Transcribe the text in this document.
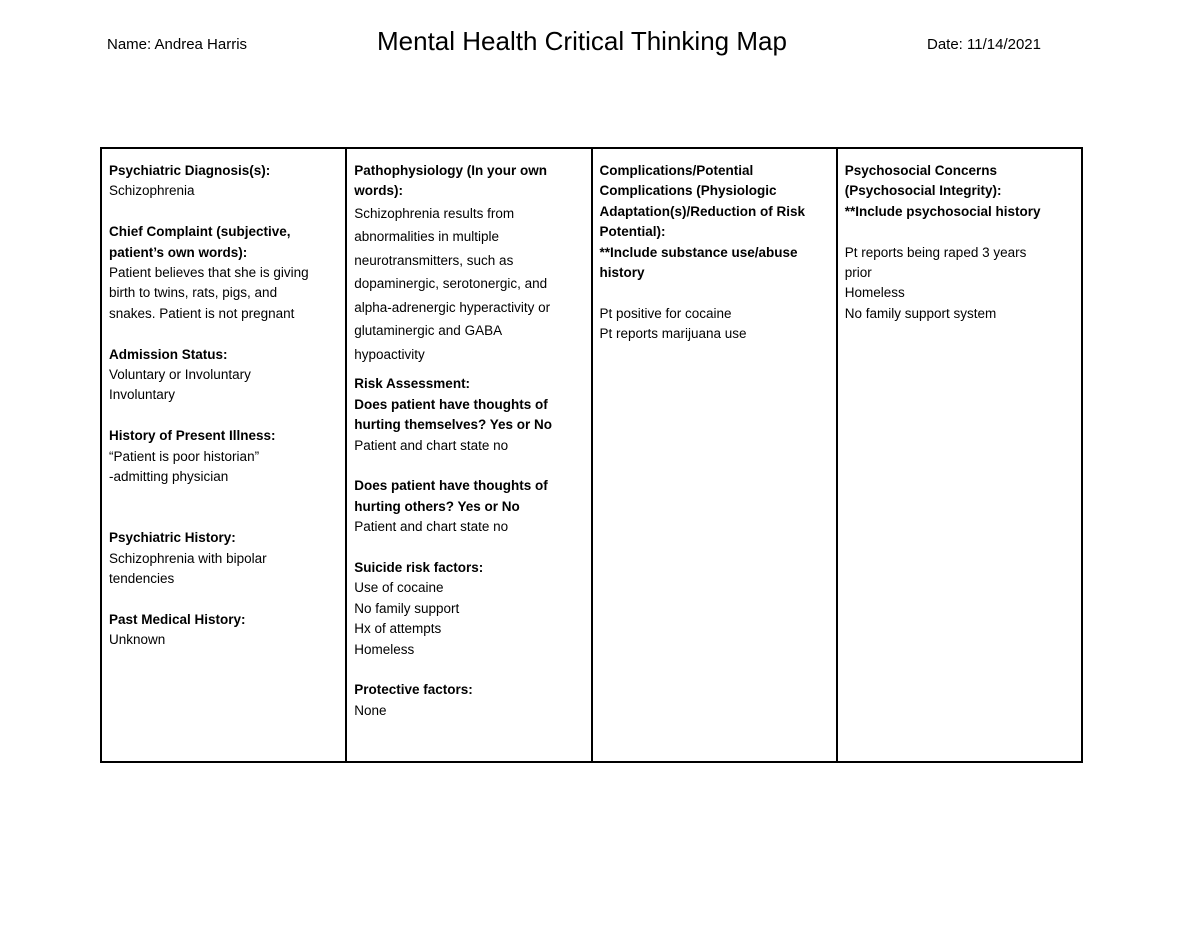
Name: Andrea Harris	Mental Health Critical Thinking Map	Date: 11/14/2021
Psychiatric Diagnosis(s):
Schizophrenia
Chief Complaint (subjective,
patient’s own words):
Patient believes that she is giving
birth to twins, rats, pigs, and
snakes. Patient is not pregnant
Admission Status:
Voluntary or Involuntary
Involuntary
History of Present Illness:
“Patient is poor historian”
-admitting physician
Psychiatric History:
Schizophrenia with bipolar
tendencies
Past Medical History:
Unknown
Pathophysiology (In your own
words):
Schizophrenia results from
abnormalities in multiple
neurotransmitters, such as
dopaminergic, serotonergic, and
alpha-adrenergic hyperactivity or
glutaminergic and GABA
hypoactivity
Risk Assessment:
Does patient have thoughts of
hurting themselves? Yes or No
Patient and chart state no
Does patient have thoughts of
hurting others? Yes or No
Patient and chart state no
Suicide risk factors:
Use of cocaine
No family support
Hx of attempts
Homeless
Protective factors:
None
Complications/Potential
Complications (Physiologic
Adaptation(s)/Reduction of Risk
Potential):
**Include substance use/abuse
history
Pt positive for cocaine
Pt reports marijuana use
Psychosocial Concerns
(Psychosocial Integrity):
**Include psychosocial history
Pt reports being raped 3 years
prior
Homeless
No family support system
